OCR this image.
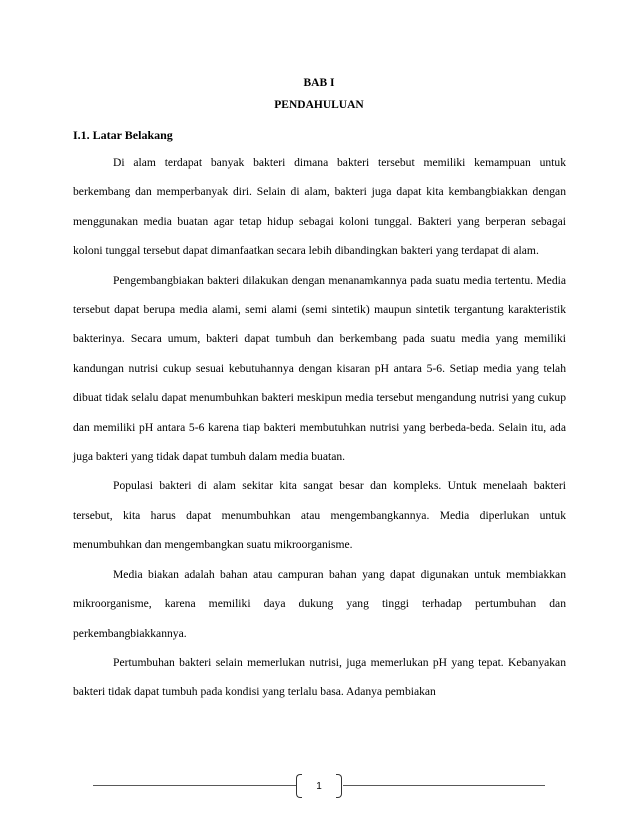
BAB I
PENDAHULUAN
I.1. Latar Belakang

Di alam terdapat banyak bakteri dimana bakteri tersebut memiliki kemampuan untuk berkembang dan memperbanyak diri. Selain di alam, bakteri juga dapat kita kembangbiakkan dengan menggunakan media buatan agar tetap hidup sebagai koloni tunggal. Bakteri yang berperan sebagai koloni tunggal tersebut dapat dimanfaatkan secara lebih dibandingkan bakteri yang terdapat di alam.

Pengembangbiakan bakteri dilakukan dengan menanamkannya pada suatu media tertentu. Media tersebut dapat berupa media alami, semi alami (semi sintetik) maupun sintetik tergantung karakteristik bakterinya. Secara umum, bakteri dapat tumbuh dan berkembang pada suatu media yang memiliki kandungan nutrisi cukup sesuai kebutuhannya dengan kisaran pH antara 5-6. Setiap media yang telah dibuat tidak selalu dapat menumbuhkan bakteri meskipun media tersebut mengandung nutrisi yang cukup dan memiliki pH antara 5-6 karena tiap bakteri membutuhkan nutrisi yang berbeda-beda. Selain itu, ada juga bakteri yang tidak dapat tumbuh dalam media buatan.

Populasi bakteri di alam sekitar kita sangat besar dan kompleks. Untuk menelaah bakteri tersebut, kita harus dapat menumbuhkan atau mengembangkannya. Media diperlukan untuk menumbuhkan dan mengembangkan suatu mikroorganisme.

Media biakan adalah bahan atau campuran bahan yang dapat digunakan untuk membiakkan mikroorganisme, karena memiliki daya dukung yang tinggi terhadap pertumbuhan dan perkembangbiakkannya.

Pertumbuhan bakteri selain memerlukan nutrisi, juga memerlukan pH yang tepat. Kebanyakan bakteri tidak dapat tumbuh pada kondisi yang terlalu basa. Adanya pembiakan

1
